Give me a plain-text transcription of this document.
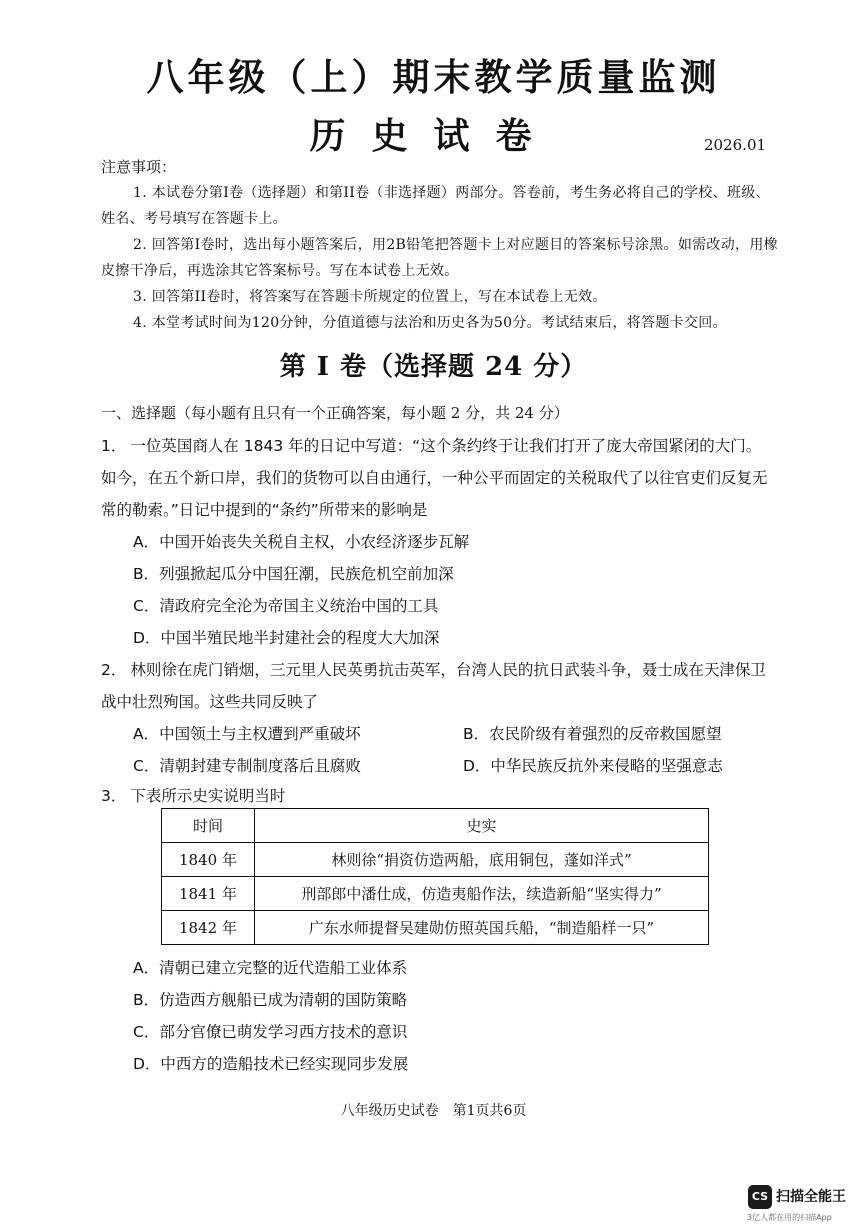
八年级（上）期末教学质量监测
历史试卷	2026.01
注意事项：
1. 本试卷分第I卷（选择题）和第II卷（非选择题）两部分。答卷前，考生务必将自己的学校、班级、姓名、考号填写在答题卡上。
2. 回答第I卷时，选出每小题答案后，用2B铅笔把答题卡上对应题目的答案标号涂黑。如需改动，用橡皮擦干净后，再选涂其它答案标号。写在本试卷上无效。
3. 回答第II卷时，将答案写在答题卡所规定的位置上，写在本试卷上无效。
4. 本堂考试时间为120分钟，分值道德与法治和历史各为50分。考试结束后，将答题卡交回。
第 I 卷（选择题 24 分）
一、选择题（每小题有且只有一个正确答案，每小题 2 分，共 24 分）
1． 一位英国商人在 1843 年的日记中写道：“这个条约终于让我们打开了庞大帝国紧闭的大门。如今，在五个新口岸，我们的货物可以自由通行，一种公平而固定的关税取代了以往官吏们反复无常的勒索。”日记中提到的“条约”所带来的影响是
A．中国开始丧失关税自主权，小农经济逐步瓦解
B．列强掀起瓜分中国狂潮，民族危机空前加深
C．清政府完全沦为帝国主义统治中国的工具
D．中国半殖民地半封建社会的程度大大加深
2． 林则徐在虎门销烟，三元里人民英勇抗击英军，台湾人民的抗日武装斗争，聂士成在天津保卫战中壮烈殉国。这些共同反映了
A．中国领土与主权遭到严重破坏	B．农民阶级有着强烈的反帝救国愿望
C．清朝封建专制制度落后且腐败	D．中华民族反抗外来侵略的坚强意志
3． 下表所示史实说明当时
时间	史实
1840 年	林则徐“捐资仿造两船，底用铜包，蓬如洋式”
1841 年	刑部郎中潘仕成，仿造夷船作法，续造新船“坚实得力”
1842 年	广东水师提督吴建勋仿照英国兵船，“制造船样一只”
A．清朝已建立完整的近代造船工业体系
B．仿造西方舰船已成为清朝的国防策略
C．部分官僚已萌发学习西方技术的意识
D．中西方的造船技术已经实现同步发展
八年级历史试卷　第1页共6页
CS 扫描全能王
3亿人都在用的扫描App
